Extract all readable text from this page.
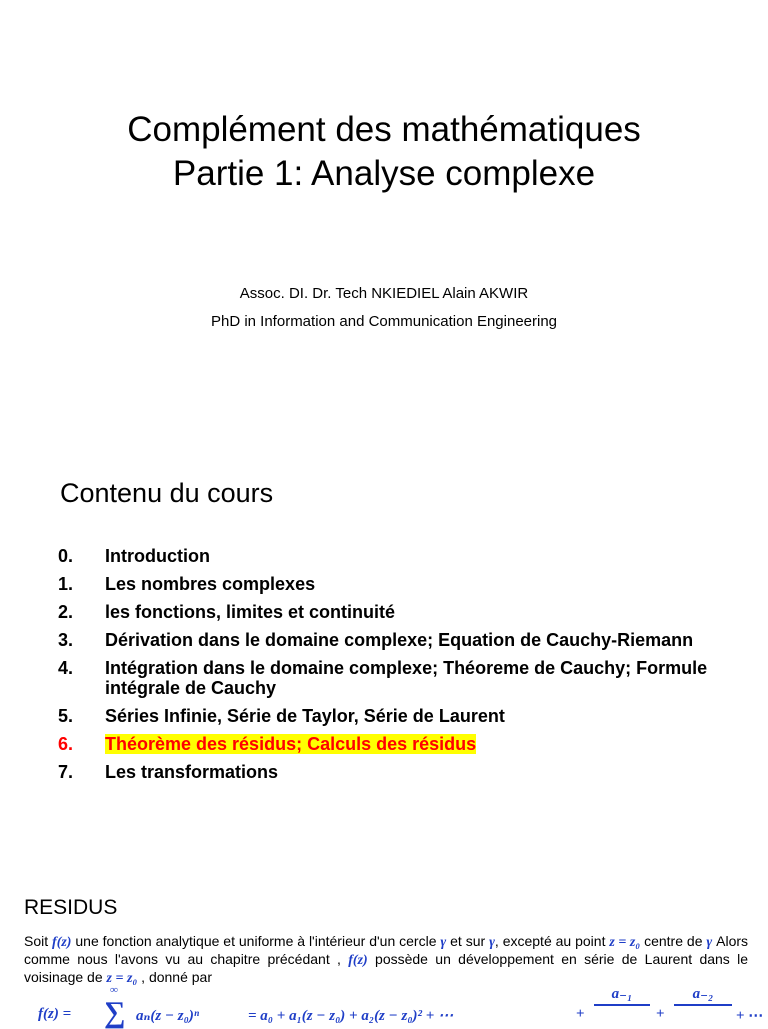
Complément des mathématiques
Partie 1: Analyse complexe
Assoc. DI. Dr. Tech NKIEDIEL Alain AKWIR
PhD in Information and Communication Engineering
Contenu du cours
0.	Introduction
1.	Les nombres complexes
2.	les fonctions, limites et continuité
3.	Dérivation dans le domaine complexe; Equation de Cauchy-Riemann
4.	Intégration dans le domaine complexe; Théoreme de Cauchy; Formule intégrale de Cauchy
5.	Séries Infinie, Série de Taylor, Série de Laurent
6.	Théorème des résidus; Calculs des résidus
7.	Les transformations
RESIDUS
Soit f(z) une fonction analytique et uniforme à l'intérieur d'un cercle γ et sur γ, excepté au point z = z₀ centre de γ Alors comme nous l'avons vu au chapitre précédant , f(z) possède un développement en série de Laurent dans le voisinage de z = z₀ , donné par
f(z) =
∞
∑ aₙ(z − z₀)ⁿ	= a₀ + a₁(z − z₀) + a₂(z − z₀)² + ⋯	+
a₋₁
+
a₋₂
+ ⋯
